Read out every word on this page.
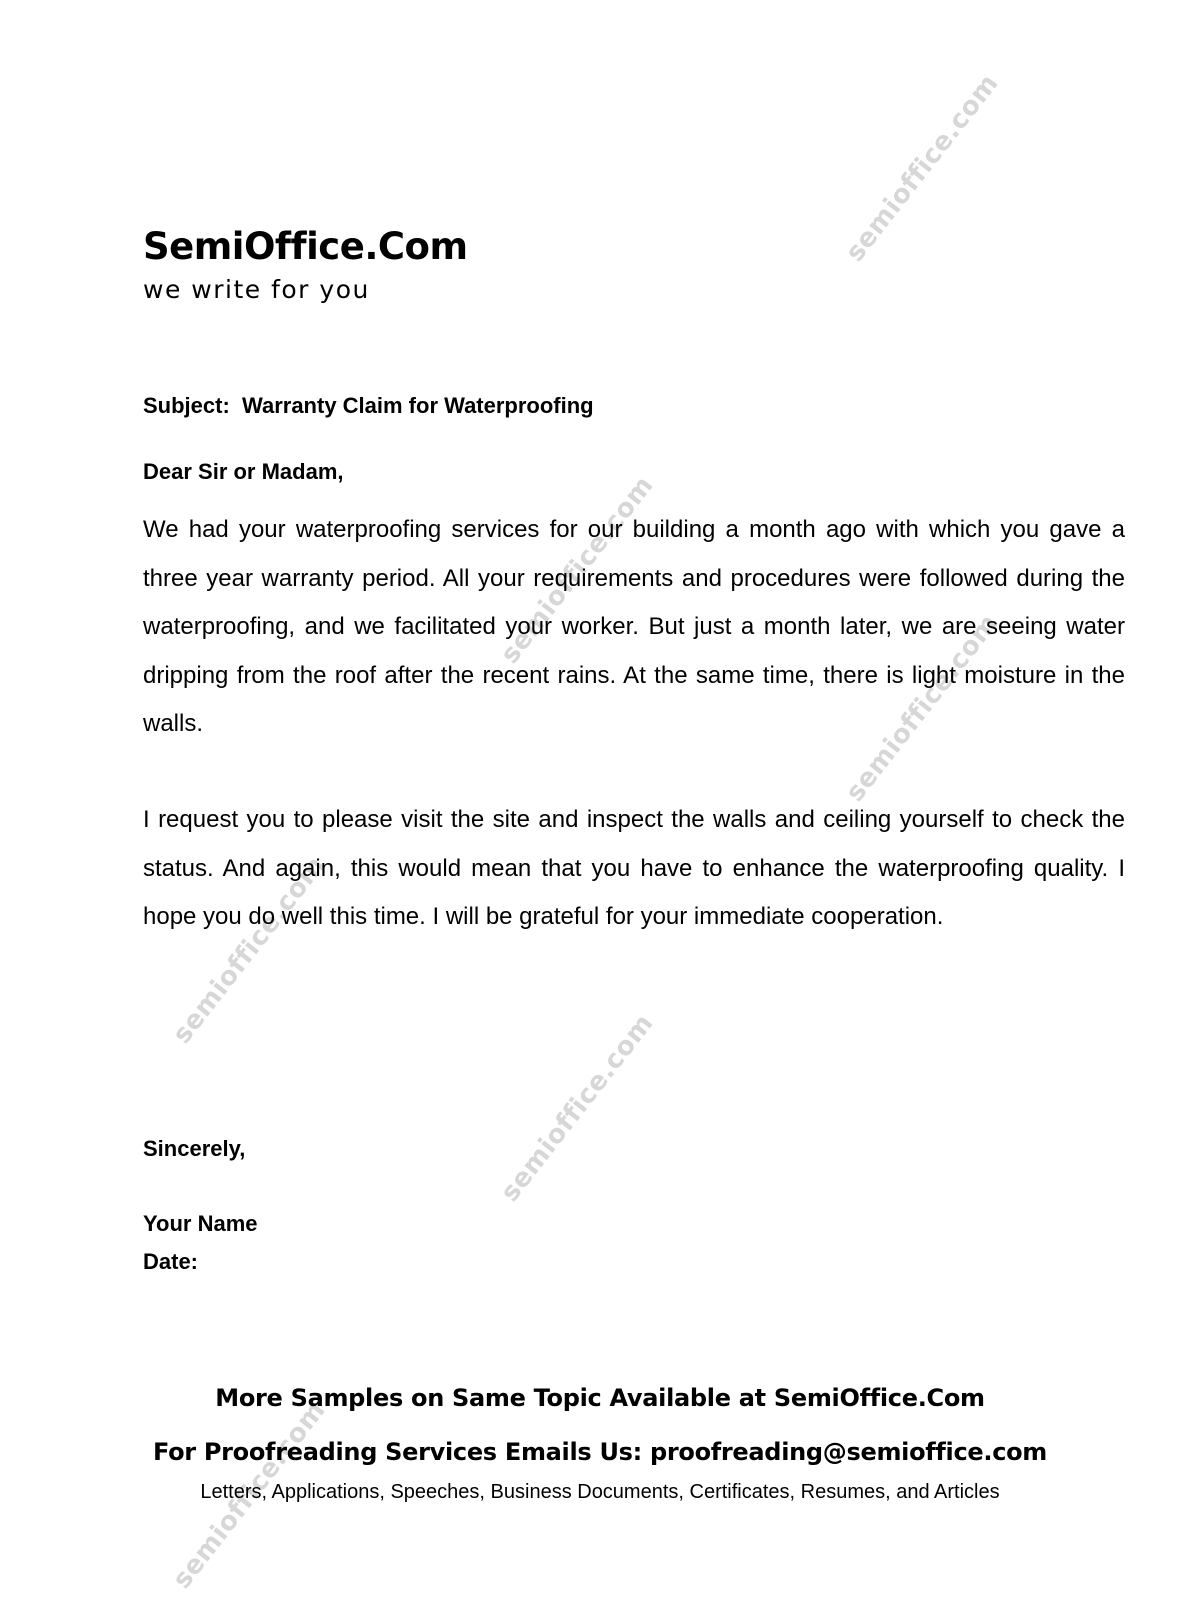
semioffice.com
semioffice.com
semioffice.com
semioffice.com
semioffice.com
semioffice.com
SemiOffice.Com
we write for you
Subject:  Warranty Claim for Waterproofing
Dear Sir or Madam,

We had your waterproofing services for our building a month ago with which you gave a three year warranty period. All your requirements and procedures were followed during the waterproofing, and we facilitated your worker. But just a month later, we are seeing water dripping from the roof after the recent rains. At the same time, there is light moisture in the walls.

I request you to please visit the site and inspect the walls and ceiling yourself to check the status. And again, this would mean that you have to enhance the waterproofing quality. I hope you do well this time. I will be grateful for your immediate cooperation.

Sincerely,
Your Name
Date:
More Samples on Same Topic Available at SemiOffice.Com
For Proofreading Services Emails Us: proofreading@semioffice.com
Letters, Applications, Speeches, Business Documents, Certificates, Resumes, and Articles
